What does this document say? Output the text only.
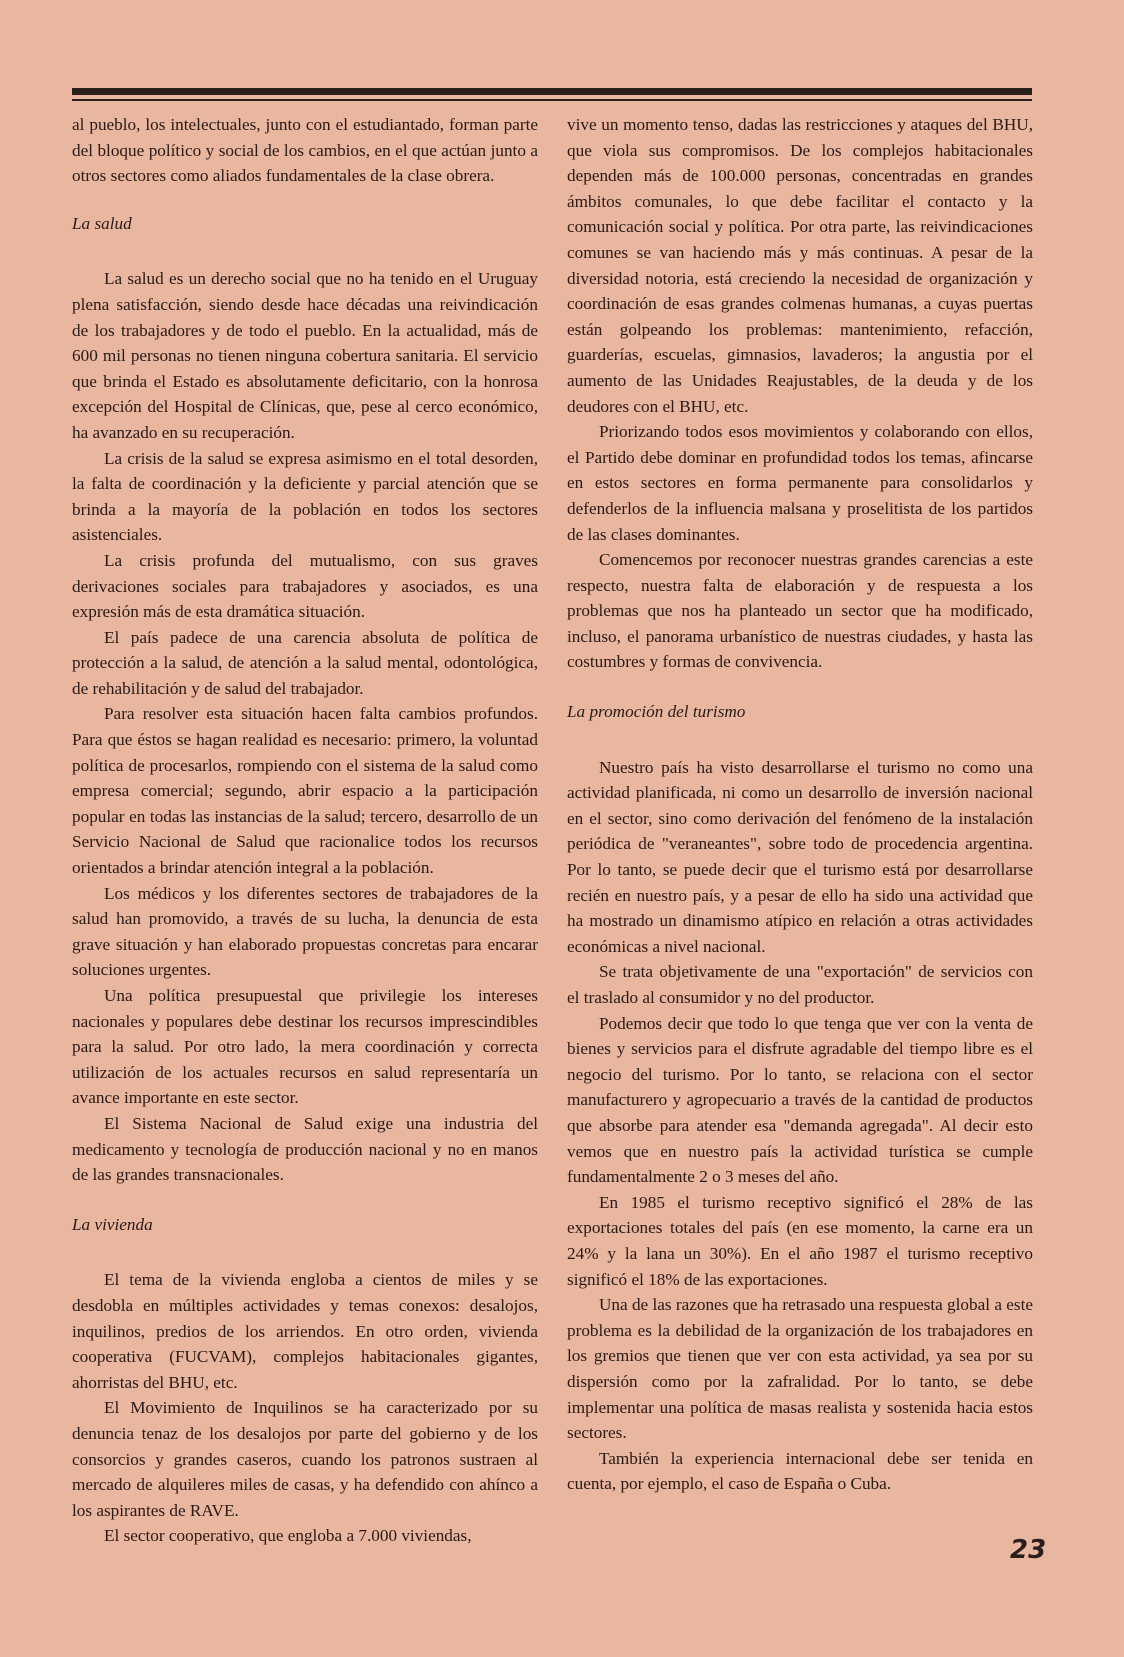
al pueblo, los intelectuales, junto con el estudiantado, forman parte del bloque político y social de los cambios, en el que actúan junto a otros sectores como aliados fundamentales de la clase obrera.

La salud

La salud es un derecho social que no ha tenido en el Uruguay plena satisfacción, siendo desde hace décadas una reivindicación de los trabajadores y de todo el pueblo. En la actualidad, más de 600 mil personas no tienen ninguna cobertura sanitaria. El servicio que brinda el Estado es absolutamente deficitario, con la honrosa excepción del Hospital de Clínicas, que, pese al cerco económico, ha avanzado en su recuperación.

La crisis de la salud se expresa asimismo en el total desorden, la falta de coordinación y la deficiente y parcial atención que se brinda a la mayoría de la población en todos los sectores asistenciales.

La crisis profunda del mutualismo, con sus graves derivaciones sociales para trabajadores y asociados, es una expresión más de esta dramática situación.

El país padece de una carencia absoluta de política de protección a la salud, de atención a la salud mental, odontológica, de rehabilitación y de salud del trabajador.

Para resolver esta situación hacen falta cambios profundos. Para que éstos se hagan realidad es necesario: primero, la voluntad política de procesarlos, rompiendo con el sistema de la salud como empresa comercial; segundo, abrir espacio a la participación popular en todas las instancias de la salud; tercero, desarrollo de un Servicio Nacional de Salud que racionalice todos los recursos orientados a brindar atención integral a la población.

Los médicos y los diferentes sectores de trabajadores de la salud han promovido, a través de su lucha, la denuncia de esta grave situación y han elaborado propuestas concretas para encarar soluciones urgentes.

Una política presupuestal que privilegie los intereses nacionales y populares debe destinar los recursos imprescindibles para la salud. Por otro lado, la mera coordinación y correcta utilización de los actuales recursos en salud representaría un avance importante en este sector.

El Sistema Nacional de Salud exige una industria del medicamento y tecnología de producción nacional y no en manos de las grandes transnacionales.

La vivienda

El tema de la vivienda engloba a cientos de miles y se desdobla en múltiples actividades y temas conexos: desalojos, inquilinos, predios de los arriendos. En otro orden, vivienda cooperativa (FUCVAM), complejos habitacionales gigantes, ahorristas del BHU, etc.

El Movimiento de Inquilinos se ha caracterizado por su denuncia tenaz de los desalojos por parte del gobierno y de los consorcios y grandes caseros, cuando los patronos sustraen al mercado de alquileres miles de casas, y ha defendido con ahínco a los aspirantes de RAVE.

El sector cooperativo, que engloba a 7.000 viviendas,

vive un momento tenso, dadas las restricciones y ataques del BHU, que viola sus compromisos. De los complejos habitacionales dependen más de 100.000 personas, concentradas en grandes ámbitos comunales, lo que debe facilitar el contacto y la comunicación social y política. Por otra parte, las reivindicaciones comunes se van haciendo más y más continuas. A pesar de la diversidad notoria, está creciendo la necesidad de organización y coordinación de esas grandes colmenas humanas, a cuyas puertas están golpeando los problemas: mantenimiento, refacción, guarderías, escuelas, gimnasios, lavaderos; la angustia por el aumento de las Unidades Reajustables, de la deuda y de los deudores con el BHU, etc.

Priorizando todos esos movimientos y colaborando con ellos, el Partido debe dominar en profundidad todos los temas, afincarse en estos sectores en forma permanente para consolidarlos y defenderlos de la influencia malsana y proselitista de los partidos de las clases dominantes.

Comencemos por reconocer nuestras grandes carencias a este respecto, nuestra falta de elaboración y de respuesta a los problemas que nos ha planteado un sector que ha modificado, incluso, el panorama urbanístico de nuestras ciudades, y hasta las costumbres y formas de convivencia.

La promoción del turismo

Nuestro país ha visto desarrollarse el turismo no como una actividad planificada, ni como un desarrollo de inversión nacional en el sector, sino como derivación del fenómeno de la instalación periódica de "veraneantes", sobre todo de procedencia argentina. Por lo tanto, se puede decir que el turismo está por desarrollarse recién en nuestro país, y a pesar de ello ha sido una actividad que ha mostrado un dinamismo atípico en relación a otras actividades económicas a nivel nacional.

Se trata objetivamente de una "exportación" de servicios con el traslado al consumidor y no del productor.

Podemos decir que todo lo que tenga que ver con la venta de bienes y servicios para el disfrute agradable del tiempo libre es el negocio del turismo. Por lo tanto, se relaciona con el sector manufacturero y agropecuario a través de la cantidad de productos que absorbe para atender esa "demanda agregada". Al decir esto vemos que en nuestro país la actividad turística se cumple fundamentalmente 2 o 3 meses del año.

En 1985 el turismo receptivo significó el 28% de las exportaciones totales del país (en ese momento, la carne era un 24% y la lana un 30%). En el año 1987 el turismo receptivo significó el 18% de las exportaciones.

Una de las razones que ha retrasado una respuesta global a este problema es la debilidad de la organización de los trabajadores en los gremios que tienen que ver con esta actividad, ya sea por su dispersión como por la zafralidad. Por lo tanto, se debe implementar una política de masas realista y sostenida hacia estos sectores.

También la experiencia internacional debe ser tenida en cuenta, por ejemplo, el caso de España o Cuba.

23
